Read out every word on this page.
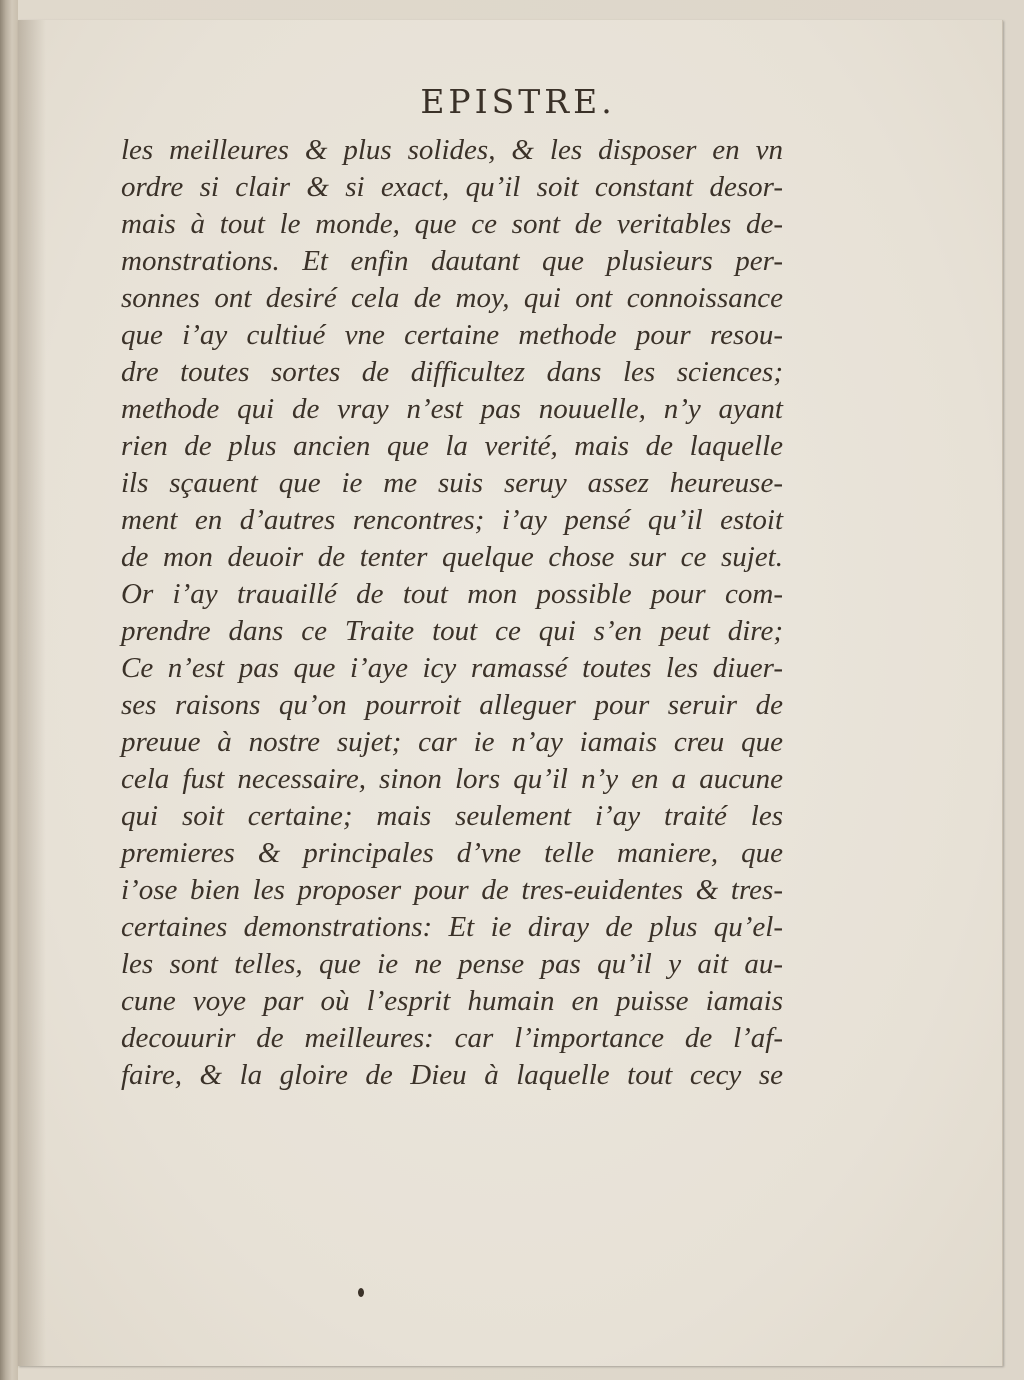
EPISTRE.
les meilleures & plus solides, & les disposer en vn
ordre si clair & si exact, qu’il soit constant desor-
mais à tout le monde, que ce sont de veritables de-
monstrations. Et enfin dautant que plusieurs per-
sonnes ont desiré cela de moy, qui ont connoissance
que i’ay cultiué vne certaine methode pour resou-
dre toutes sortes de difficultez dans les sciences;
methode qui de vray n’est pas nouuelle, n’y ayant
rien de plus ancien que la verité, mais de laquelle
ils sçauent que ie me suis seruy assez heureuse-
ment en d’autres rencontres; i’ay pensé qu’il estoit
de mon deuoir de tenter quelque chose sur ce sujet.
Or i’ay trauaillé de tout mon possible pour com-
prendre dans ce Traite tout ce qui s’en peut dire;
Ce n’est pas que i’aye icy ramassé toutes les diuer-
ses raisons qu’on pourroit alleguer pour seruir de
preuue à nostre sujet; car ie n’ay iamais creu que
cela fust necessaire, sinon lors qu’il n’y en a aucune
qui soit certaine; mais seulement i’ay traité les
premieres & principales d’vne telle maniere, que
i’ose bien les proposer pour de tres-euidentes & tres-
certaines demonstrations: Et ie diray de plus qu’el-
les sont telles, que ie ne pense pas qu’il y ait au-
cune voye par où l’esprit humain en puisse iamais
decouurir de meilleures: car l’importance de l’af-
faire, & la gloire de Dieu à laquelle tout cecy se
